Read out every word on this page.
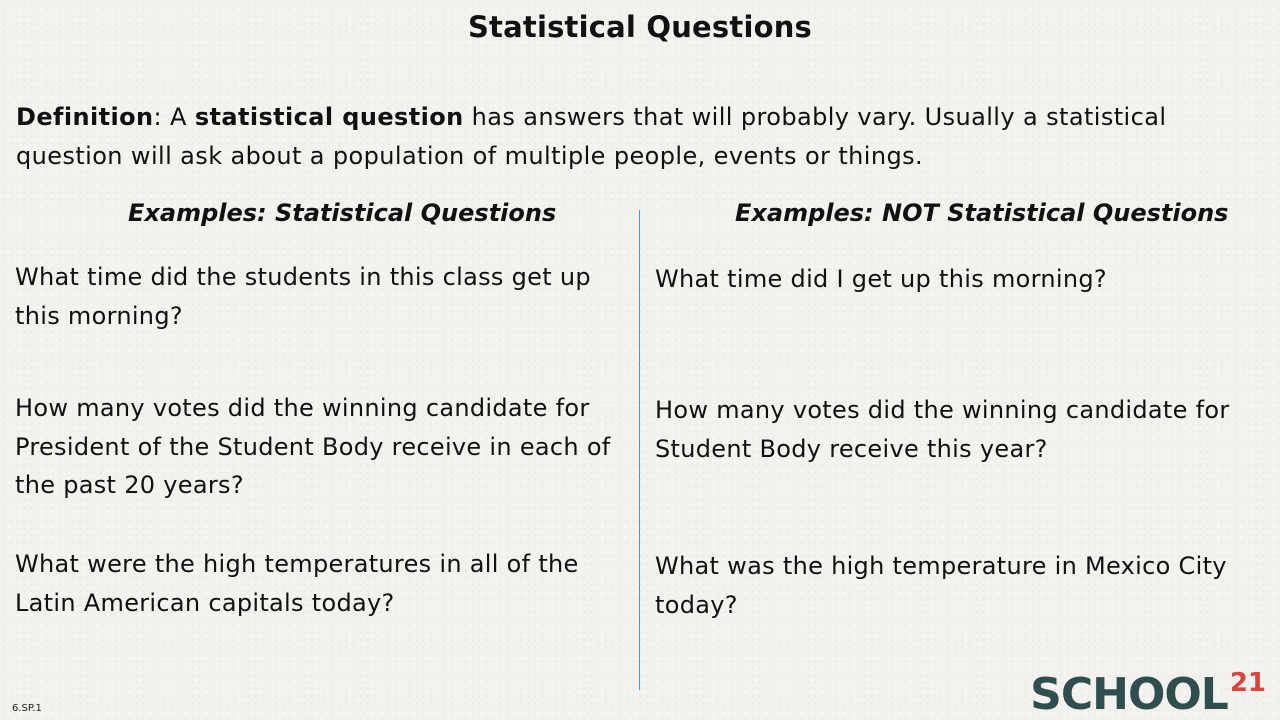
Statistical Questions
Definition: A statistical question has answers that will probably vary. Usually a statistical question will ask about a population of multiple people, events or things.
Examples: Statistical Questions	Examples: NOT Statistical Questions
What time did the students in this class get up this morning?
How many votes did the winning candidate for President of the Student Body receive in each of the past 20 years?
What were the high temperatures in all of the Latin American capitals today?
What time did I get up this morning?
How many votes did the winning candidate for Student Body receive this year?
What was the high temperature in Mexico City today?
6.SP.1	SCHOOL$^{21}$
